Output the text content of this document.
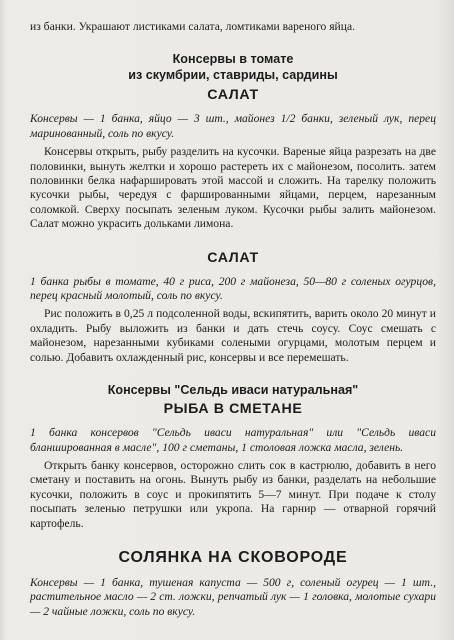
из банки. Украшают листиками салата, ломтиками вареного яйца.

Консервы в томате
из скумбрии, ставриды, сардины
САЛАТ

Консервы — 1 банка, яйцо — 3 шт., майонез 1/2 банки, зеленый лук, перец маринованный, соль по вкусу.

Консервы открыть, рыбу разделить на кусочки. Вареные яйца разрезать на две половинки, вынуть желтки и хорошо растереть их с майонезом, посолить. затем половинки белка нафаршировать этой массой и сложить. На тарелку положить кусочки рыбы, чередуя с фаршированными яйцами, перцем, нарезанным соломкой. Сверху посыпать зеленым луком. Кусочки рыбы залить майонезом. Салат можно украсить дольками лимона.

САЛАТ

1 банка рыбы в томате, 40 г риса, 200 г майонеза, 50—80 г соленых огурцов, перец красный молотый, соль по вкусу.

Рис положить в 0,25 л подсоленной воды, вскипятить, варить около 20 минут и охладить. Рыбу выложить из банки и дать стечь соусу. Соус смешать с майонезом, нарезанными кубиками солеными огурцами, молотым перцем и солью. Добавить охлажденный рис, консервы и все перемешать.

Консервы "Сельдь иваси натуральная"
РЫБА В СМЕТАНЕ

1 банка консервов "Сельдь иваси натуральная" или "Сельдь иваси бланшированная в масле", 100 г сметаны, 1 столовая ложка масла, зелень.

Открыть банку консервов, осторожно слить сок в кастрюлю, добавить в него сметану и поставить на огонь. Вынуть рыбу из банки, разделать на небольшие кусочки, положить в соус и прокипятить 5—7 минут. При подаче к столу посыпать зеленью петрушки или укропа. На гарнир — отварной горячий картофель.

СОЛЯНКА НА СКОВОРОДЕ

Консервы — 1 банка, тушеная капуста — 500 г, соленый огурец — 1 шт., растительное масло — 2 ст. ложки, репчатый лук — 1 головка, молотые сухари — 2 чайные ложки, соль по вкусу.
